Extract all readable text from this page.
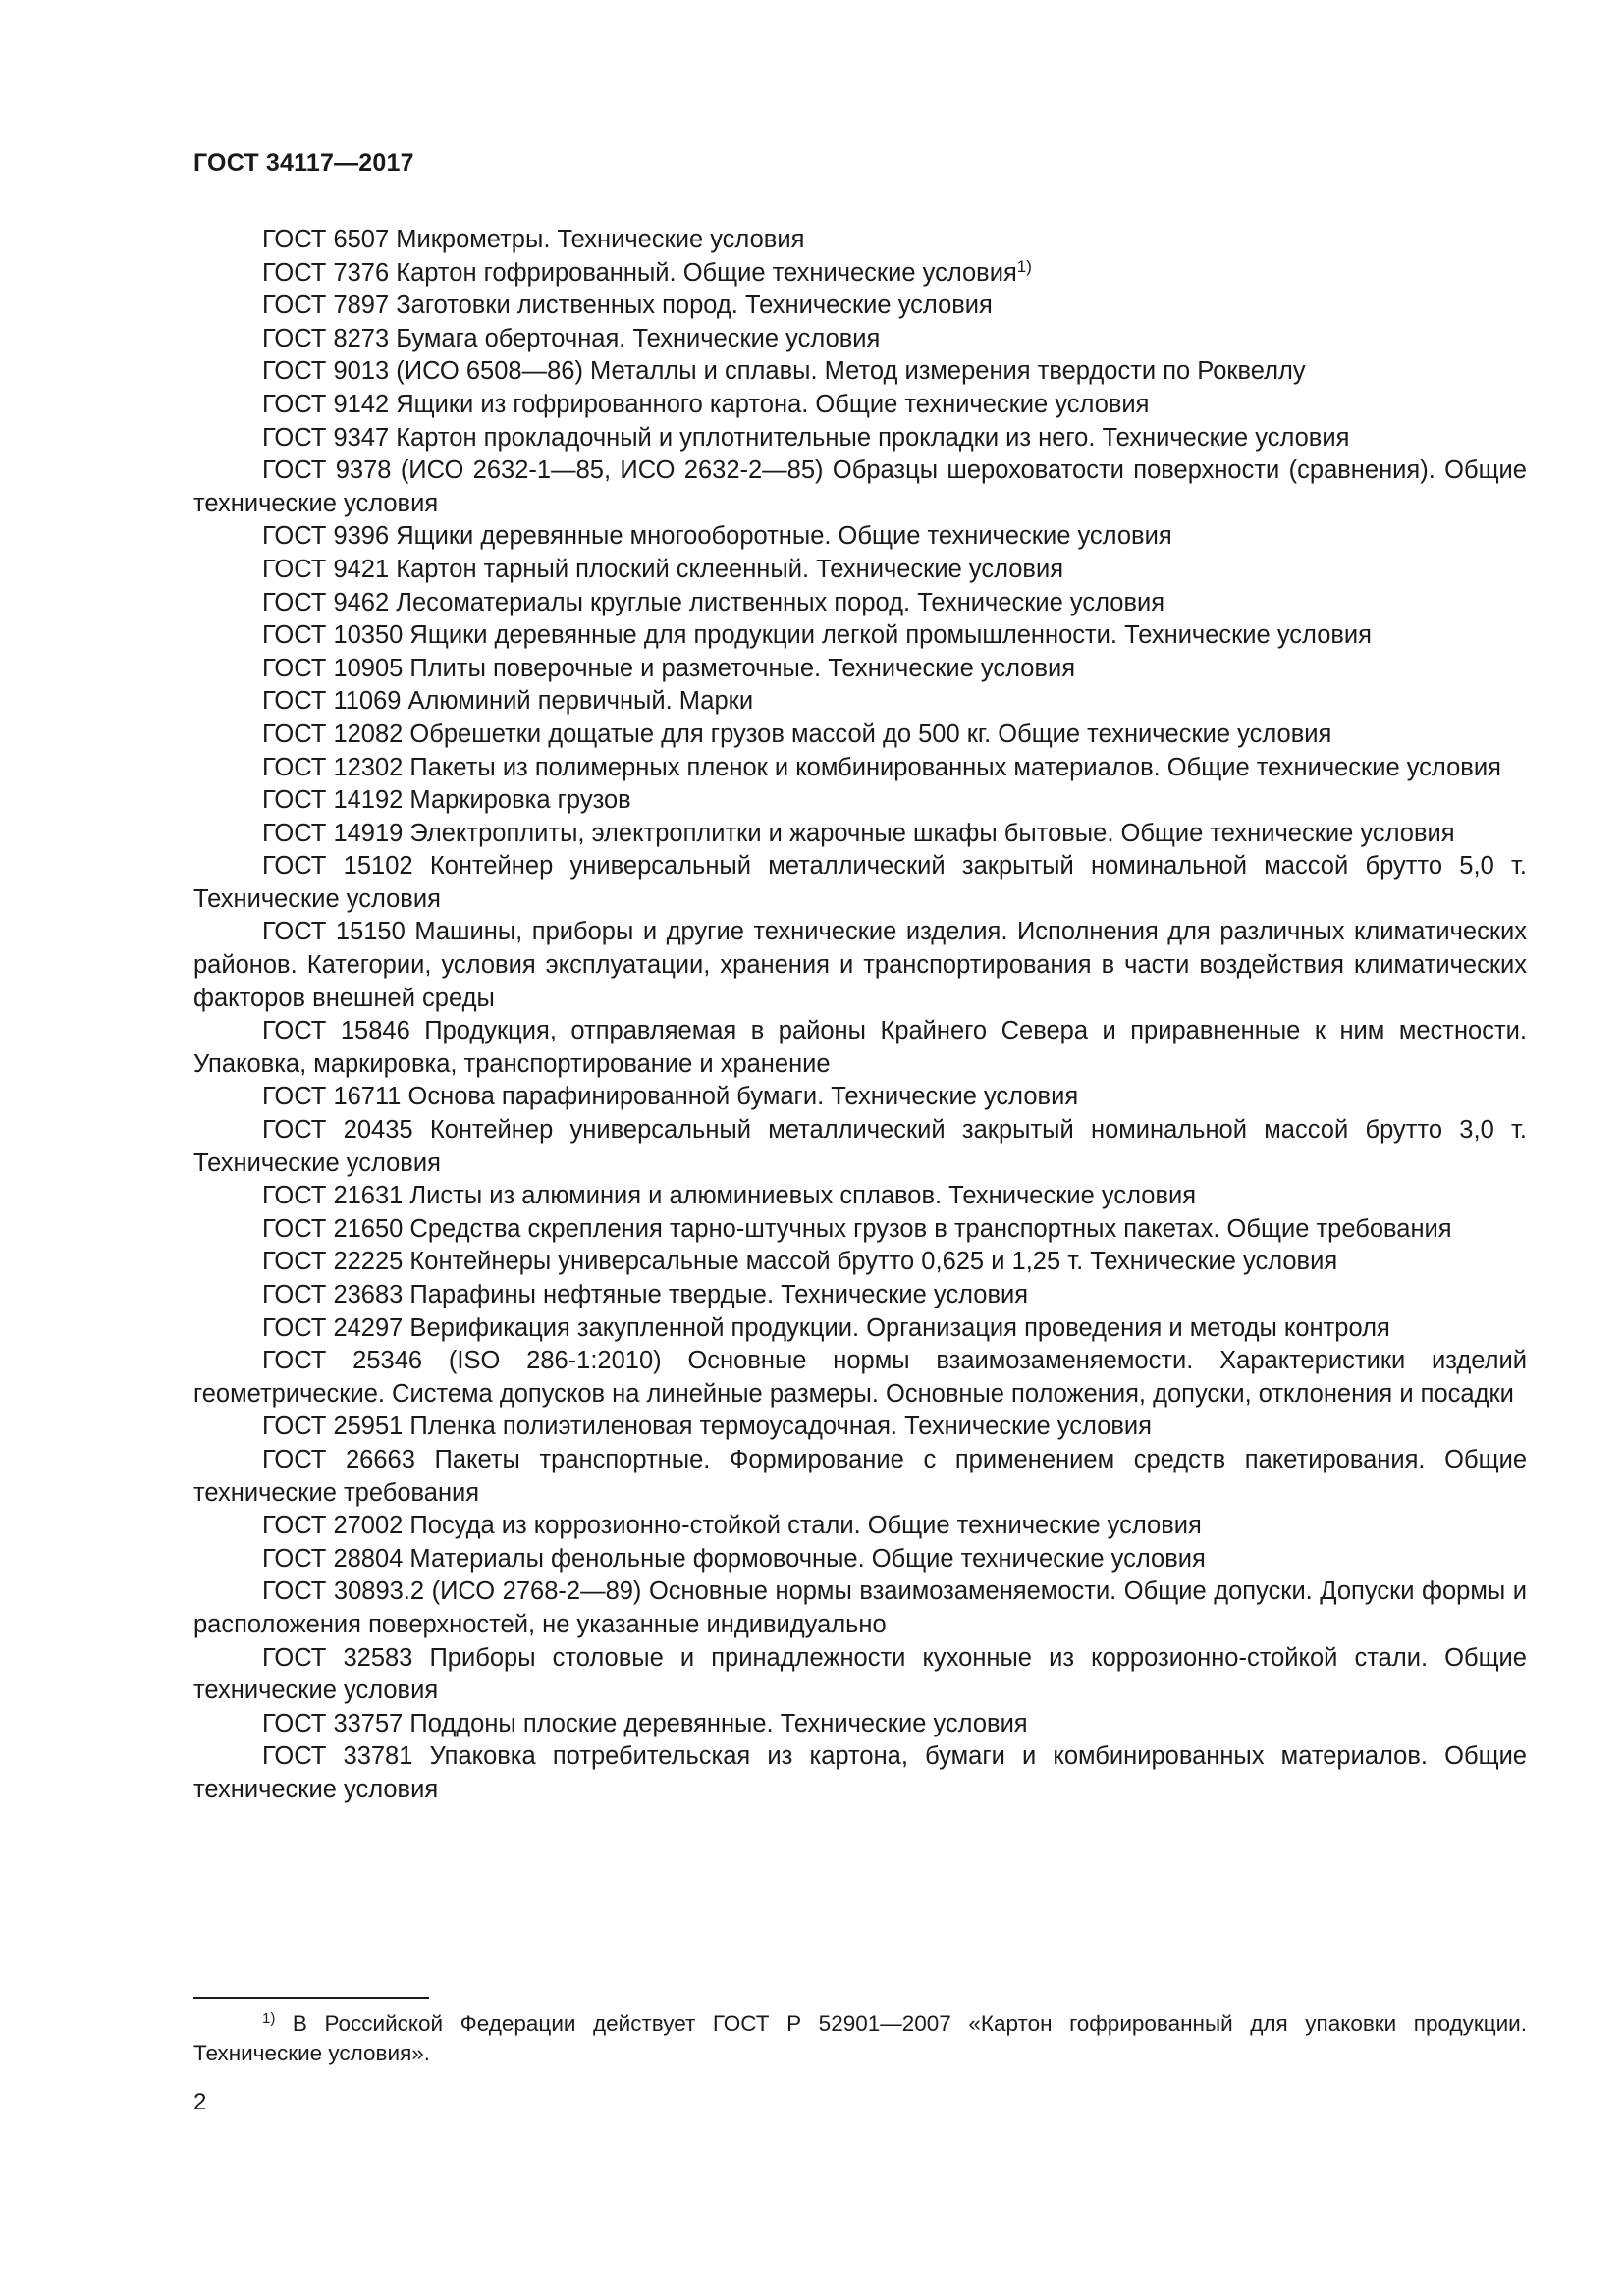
ГОСТ 34117—2017

ГОСТ 6507 Микрометры. Технические условия

ГОСТ 7376 Картон гофрированный. Общие технические условия$^{1)}$

ГОСТ 7897 Заготовки лиственных пород. Технические условия

ГОСТ 8273 Бумага оберточная. Технические условия

ГОСТ 9013 (ИСО 6508—86) Металлы и сплавы. Метод измерения твердости по Роквеллу

ГОСТ 9142 Ящики из гофрированного картона. Общие технические условия

ГОСТ 9347 Картон прокладочный и уплотнительные прокладки из него. Технические условия

ГОСТ 9378 (ИСО 2632-1—85, ИСО 2632-2—85) Образцы шероховатости поверхности (сравнения). Общие технические условия

ГОСТ 9396 Ящики деревянные многооборотные. Общие технические условия

ГОСТ 9421 Картон тарный плоский склеенный. Технические условия

ГОСТ 9462 Лесоматериалы круглые лиственных пород. Технические условия

ГОСТ 10350 Ящики деревянные для продукции легкой промышленности. Технические условия

ГОСТ 10905 Плиты поверочные и разметочные. Технические условия

ГОСТ 11069 Алюминий первичный. Марки

ГОСТ 12082 Обрешетки дощатые для грузов массой до 500 кг. Общие технические условия

ГОСТ 12302 Пакеты из полимерных пленок и комбинированных материалов. Общие технические условия

ГОСТ 14192 Маркировка грузов

ГОСТ 14919 Электроплиты, электроплитки и жарочные шкафы бытовые. Общие технические условия

ГОСТ 15102 Контейнер универсальный металлический закрытый номинальной массой брутто 5,0 т. Технические условия

ГОСТ 15150 Машины, приборы и другие технические изделия. Исполнения для различных климатических районов. Категории, условия эксплуатации, хранения и транспортирования в части воздействия климатических факторов внешней среды

ГОСТ 15846 Продукция, отправляемая в районы Крайнего Севера и приравненные к ним местности. Упаковка, маркировка, транспортирование и хранение

ГОСТ 16711 Основа парафинированной бумаги. Технические условия

ГОСТ 20435 Контейнер универсальный металлический закрытый номинальной массой брутто 3,0 т. Технические условия

ГОСТ 21631 Листы из алюминия и алюминиевых сплавов. Технические условия

ГОСТ 21650 Средства скрепления тарно-штучных грузов в транспортных пакетах. Общие требования

ГОСТ 22225 Контейнеры универсальные массой брутто 0,625 и 1,25 т. Технические условия

ГОСТ 23683 Парафины нефтяные твердые. Технические условия

ГОСТ 24297 Верификация закупленной продукции. Организация проведения и методы контроля

ГОСТ 25346 (ISO 286-1:2010) Основные нормы взаимозаменяемости. Характеристики изделий геометрические. Система допусков на линейные размеры. Основные положения, допуски, отклонения и посадки

ГОСТ 25951 Пленка полиэтиленовая термоусадочная. Технические условия

ГОСТ 26663 Пакеты транспортные. Формирование с применением средств пакетирования. Общие технические требования

ГОСТ 27002 Посуда из коррозионно-стойкой стали. Общие технические условия

ГОСТ 28804 Материалы фенольные формовочные. Общие технические условия

ГОСТ 30893.2 (ИСО 2768-2—89) Основные нормы взаимозаменяемости. Общие допуски. Допуски формы и расположения поверхностей, не указанные индивидуально

ГОСТ 32583 Приборы столовые и принадлежности кухонные из коррозионно-стойкой стали. Общие технические условия

ГОСТ 33757 Поддоны плоские деревянные. Технические условия

ГОСТ 33781 Упаковка потребительская из картона, бумаги и комбинированных материалов. Общие технические условия

$^{1)}$ В Российской Федерации действует ГОСТ Р 52901—2007 «Картон гофрированный для упаковки продукции. Технические условия».
2
